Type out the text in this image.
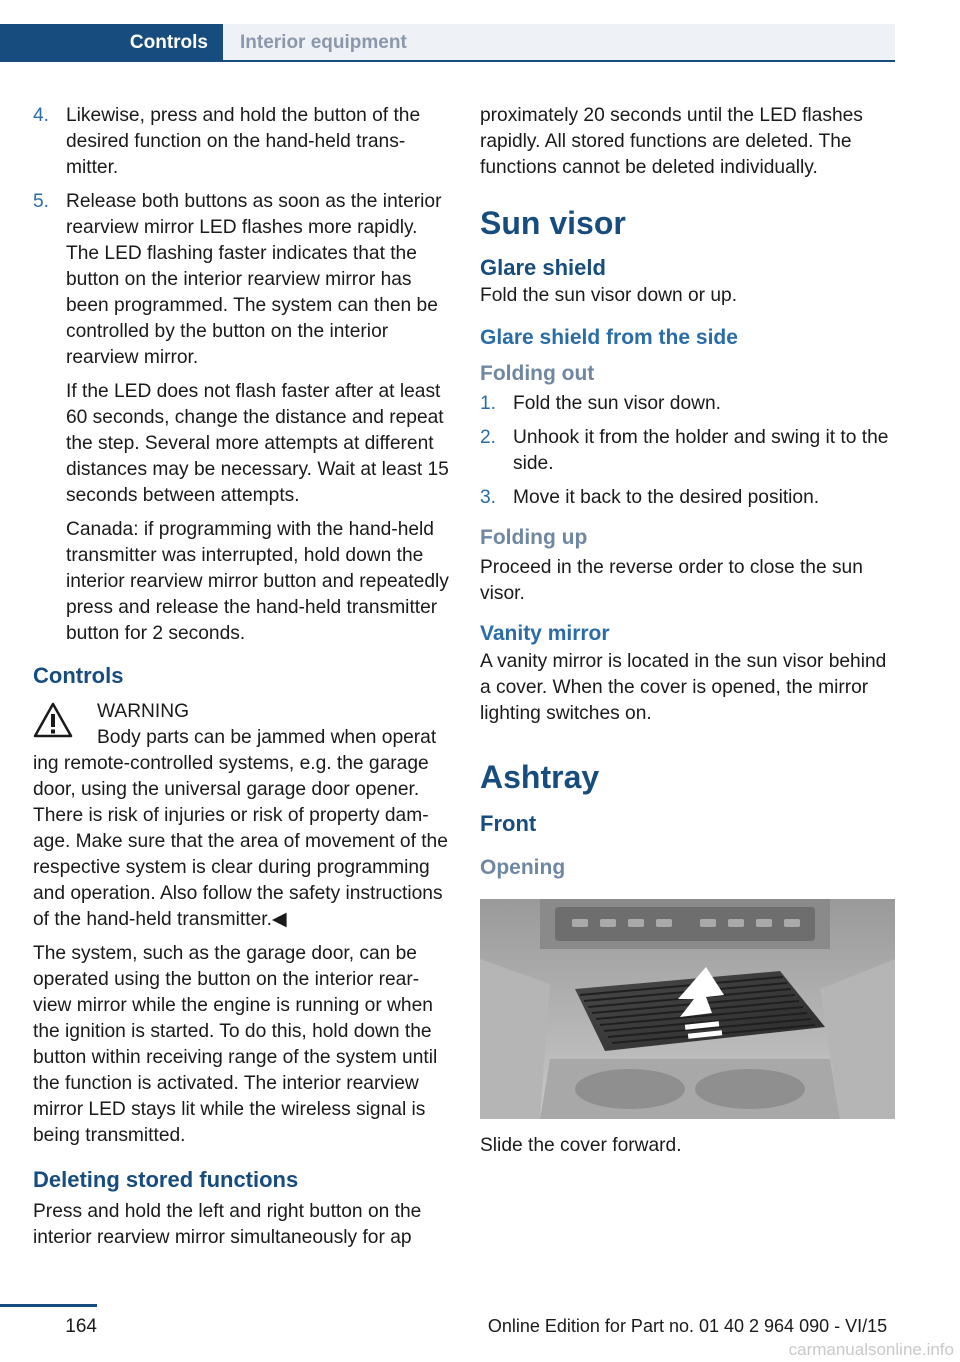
Controls	Interior equipment
4. Likewise, press and hold the button of the desired function on the hand-held transmitter.
5. Release both buttons as soon as the interior rearview mirror LED flashes more rapidly. The LED flashing faster indicates that the button on the interior rearview mirror has been programmed. The system can then be controlled by the button on the interior rearview mirror.

If the LED does not flash faster after at least 60 seconds, change the distance and repeat the step. Several more attempts at different distances may be necessary. Wait at least 15 seconds between attempts.

Canada: if programming with the hand-held transmitter was interrupted, hold down the interior rearview mirror button and repeatedly press and release the hand-held transmitter button for 2 seconds.

Controls
WARNING
Body parts can be jammed when operat

ing remote-controlled systems, e.g. the garage door, using the universal garage door opener. There is risk of injuries or risk of property damage. Make sure that the area of movement of the respective system is clear during programming and operation. Also follow the safety instructions of the hand-held transmitter.◀

The system, such as the garage door, can be operated using the button on the interior rearview mirror while the engine is running or when the ignition is started. To do this, hold down the button within receiving range of the system until the function is activated. The interior rearview mirror LED stays lit while the wireless signal is being transmitted.

Deleting stored functions

Press and hold the left and right button on the interior rearview mirror simultaneously for ap

proximately 20 seconds until the LED flashes rapidly. All stored functions are deleted. The functions cannot be deleted individually.

Sun visor
Glare shield

Fold the sun visor down or up.

Glare shield from the side
Folding out
1. Fold the sun visor down.
2. Unhook it from the holder and swing it to the side.
3. Move it back to the desired position.
Folding up

Proceed in the reverse order to close the sun visor.

Vanity mirror

A vanity mirror is located in the sun visor behind a cover. When the cover is opened, the mirror lighting switches on.

Ashtray
Front
Opening

Slide the cover forward.

164	Online Edition for Part no. 01 40 2 964 090 - VI/15
carmanualsonline.info
